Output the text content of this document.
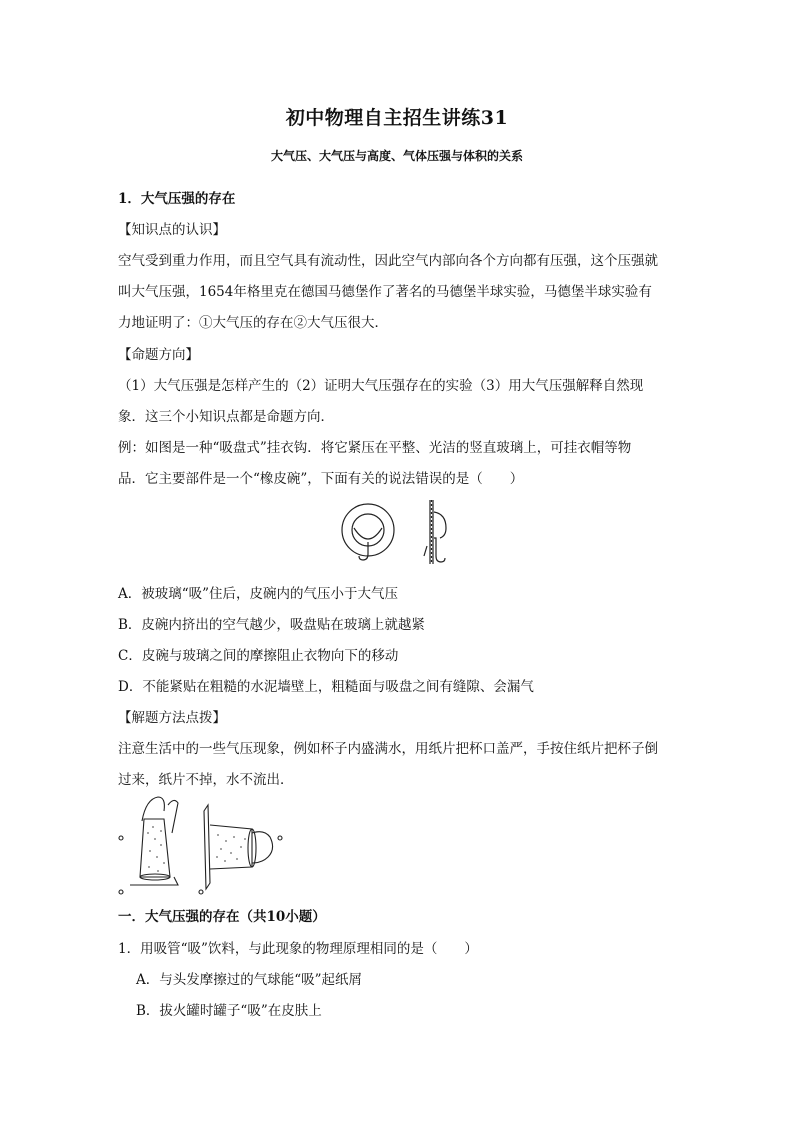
初中物理自主招生讲练31
大气压、大气压与高度、气体压强与体积的关系
1．大气压强的存在
【知识点的认识】
空气受到重力作用，而且空气具有流动性，因此空气内部向各个方向都有压强，这个压强就
叫大气压强，1654年格里克在德国马德堡作了著名的马德堡半球实验，马德堡半球实验有
力地证明了：①大气压的存在②大气压很大．
【命题方向】
（1）大气压强是怎样产生的（2）证明大气压强存在的实验（3）用大气压强解释自然现
象．这三个小知识点都是命题方向．
例：如图是一种“吸盘式”挂衣钩．将它紧压在平整、光洁的竖直玻璃上，可挂衣帽等物
品．它主要部件是一个“橡皮碗”，下面有关的说法错误的是（　　）
A．被玻璃“吸”住后，皮碗内的气压小于大气压
B．皮碗内挤出的空气越少，吸盘贴在玻璃上就越紧
C．皮碗与玻璃之间的摩擦阻止衣物向下的移动
D．不能紧贴在粗糙的水泥墙壁上，粗糙面与吸盘之间有缝隙、会漏气
【解题方法点拨】
注意生活中的一些气压现象，例如杯子内盛满水，用纸片把杯口盖严，手按住纸片把杯子倒
过来，纸片不掉，水不流出．
一．大气压强的存在（共10小题）
1．用吸管“吸”饮料，与此现象的物理原理相同的是（　　）
A．与头发摩擦过的气球能“吸”起纸屑
B．拔火罐时罐子“吸”在皮肤上
